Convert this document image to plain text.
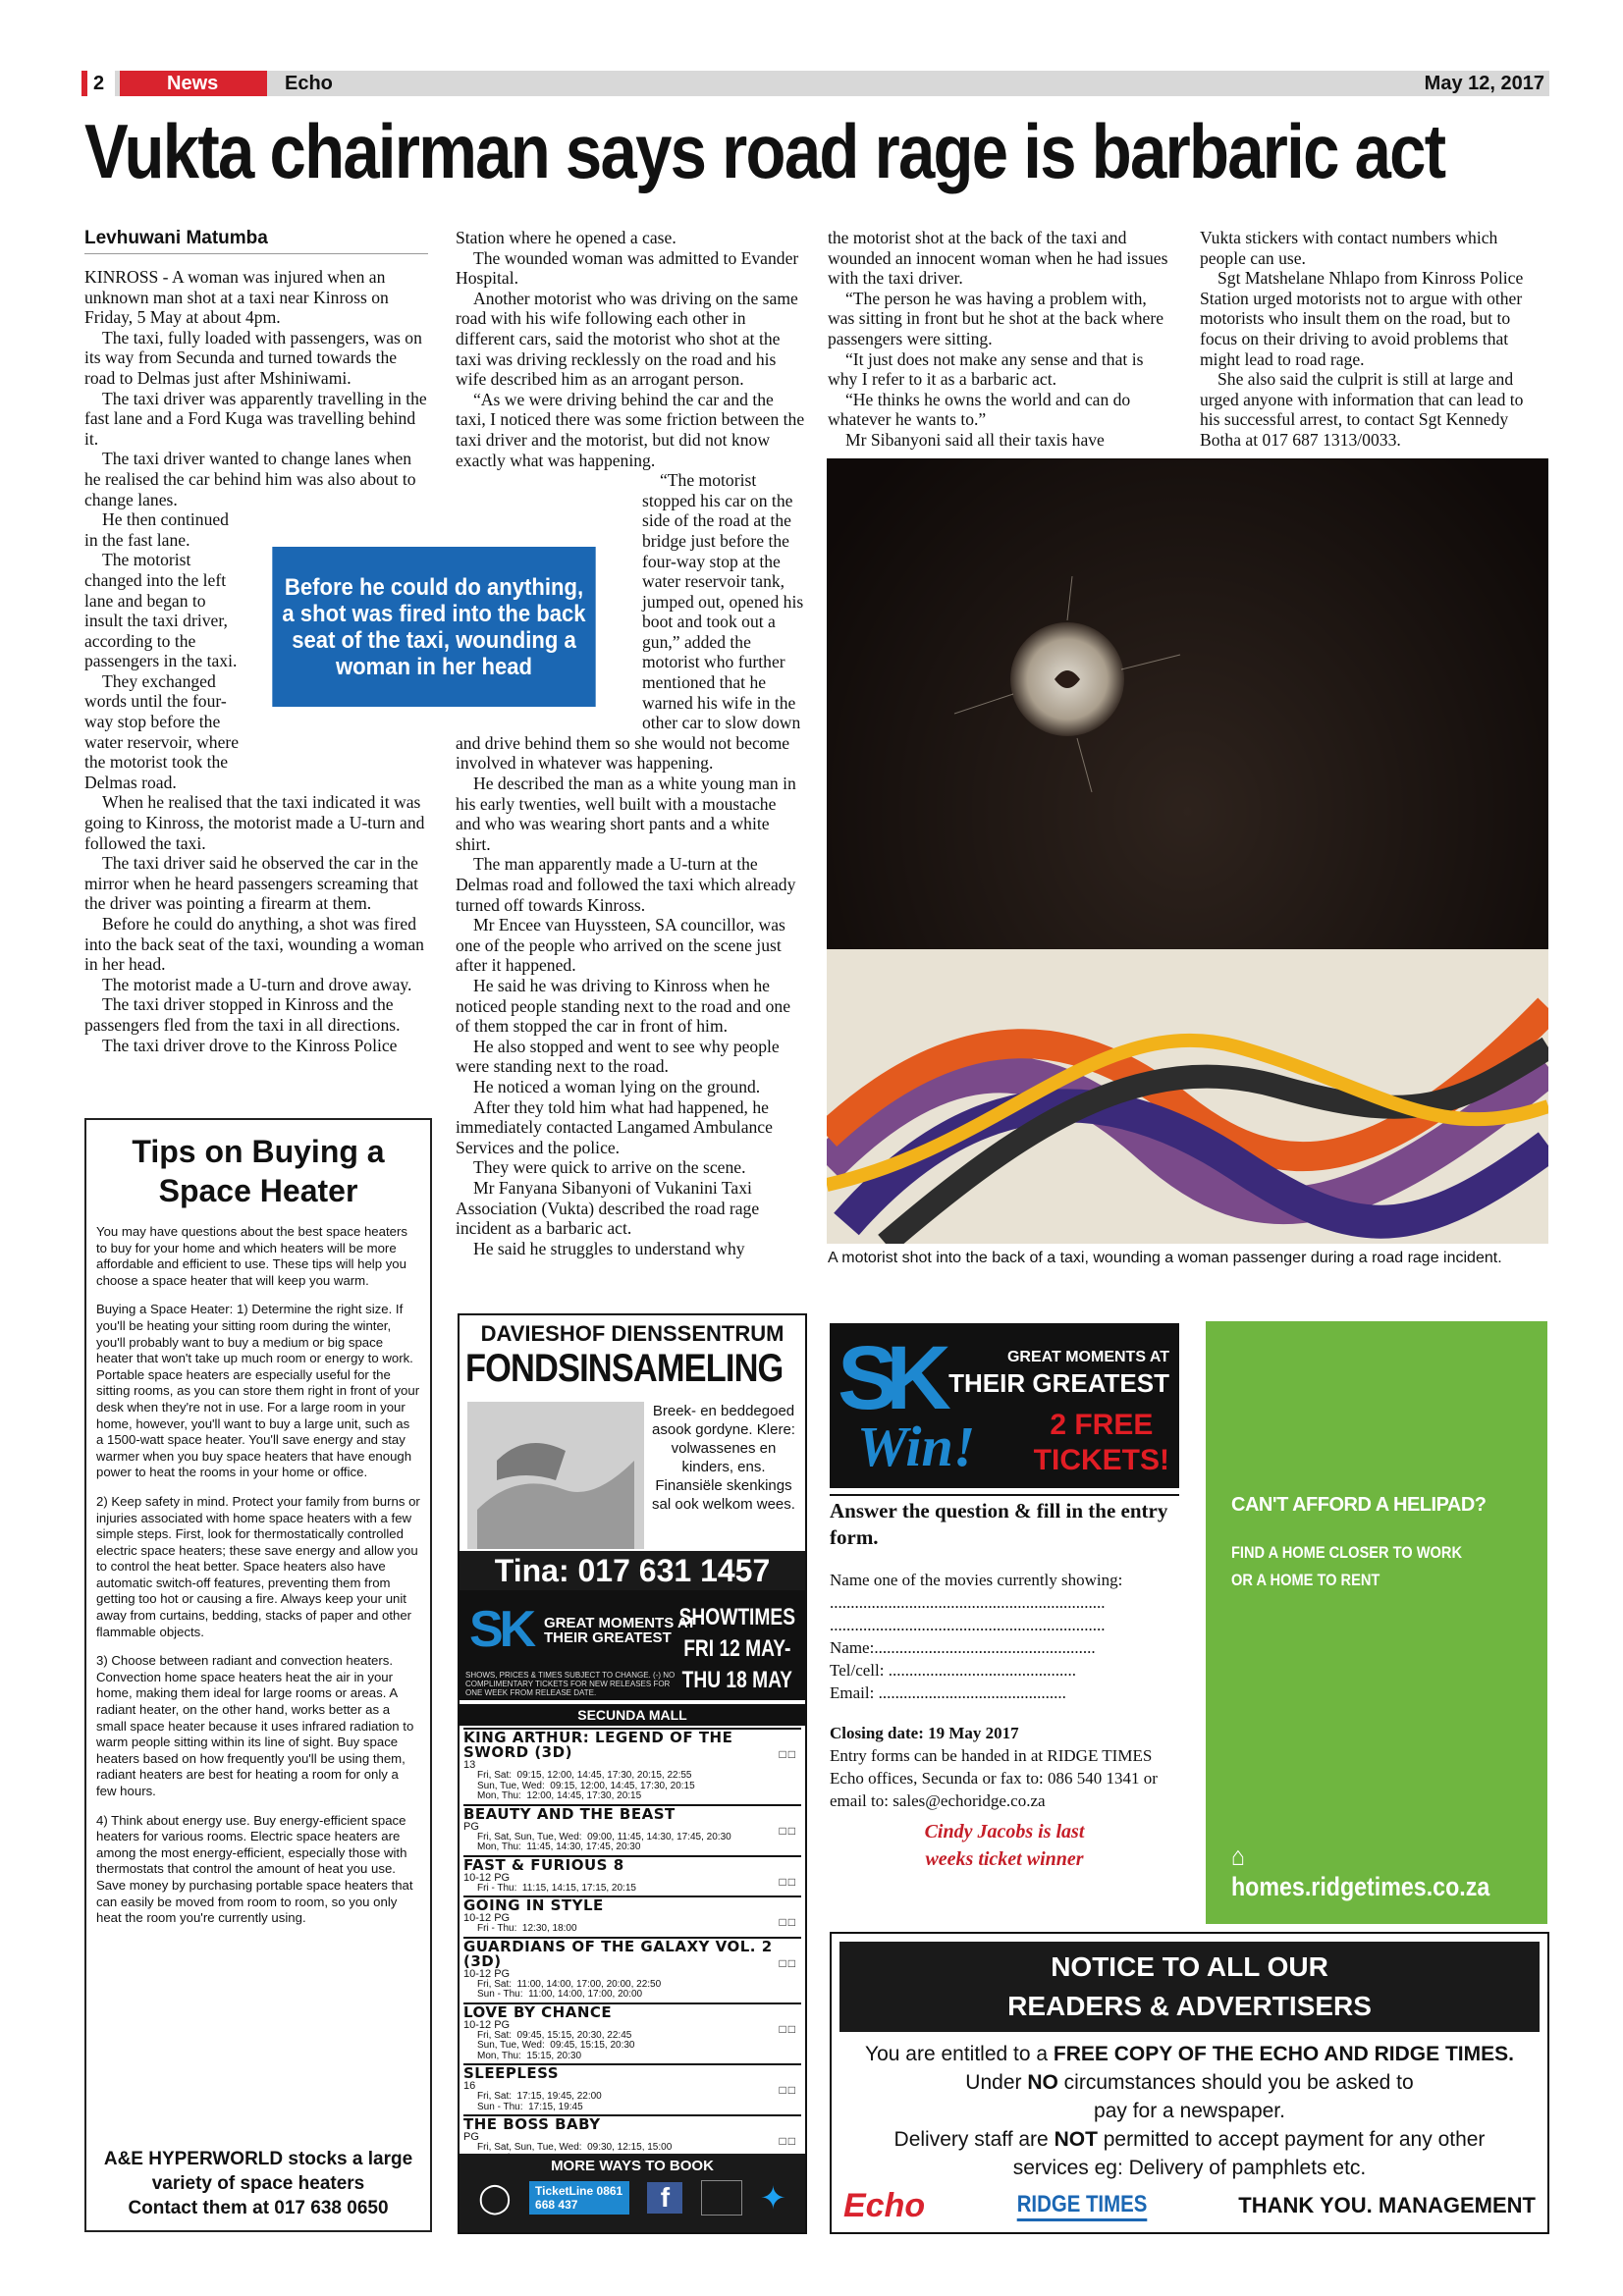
2	News	Echo	May 12, 2017
Vukta chairman says road rage is barbaric act
Levhuwani Matumba

KINROSS - A woman was injured when an unknown man shot at a taxi near Kinross on Friday, 5 May at about 4pm.

The taxi, fully loaded with passengers, was on its way from Secunda and turned towards the road to Delmas just after Mshiniwami.

The taxi driver was apparently travelling in the fast lane and a Ford Kuga was travelling behind it.

The taxi driver wanted to change lanes when he realised the car behind him was also about to change lanes.

He then continued in the fast lane.

The motorist changed into the left lane and began to insult the taxi driver, according to the passengers in the taxi.

They exchanged words until the four-way stop before the water reservoir, where the motorist took the Delmas road.

When he realised that the taxi indicated it was going to Kinross, the motorist made a U-turn and followed the taxi.

The taxi driver said he observed the car in the mirror when he heard passengers screaming that the driver was pointing a firearm at them.

Before he could do anything, a shot was fired into the back seat of the taxi, wounding a woman in her head.

The motorist made a U-turn and drove away.

The taxi driver stopped in Kinross and the passengers fled from the taxi in all directions.

The taxi driver drove to the Kinross Police

Station where he opened a case.

The wounded woman was admitted to Evander Hospital.

Another motorist who was driving on the same road with his wife following each other in different cars, said the motorist who shot at the taxi was driving recklessly on the road and his wife described him as an arrogant person.

“As we were driving behind the car and the taxi, I noticed there was some friction between the taxi driver and the motorist, but did not know exactly what was happening.

“The motorist stopped his car on the side of the road at the bridge just before the four-way stop at the water reservoir tank, jumped out, opened his boot and took out a gun,” added the motorist who further mentioned that he warned his wife in the other car to slow down and drive behind them so she would not become involved in whatever was happening.

He described the man as a white young man in his early twenties, well built with a moustache and who was wearing short pants and a white shirt.

The man apparently made a U-turn at the Delmas road and followed the taxi which already turned off towards Kinross.

Mr Encee van Huyssteen, SA councillor, was one of the people who arrived on the scene just after it happened.

He said he was driving to Kinross when he noticed people standing next to the road and one of them stopped the car in front of him.

He also stopped and went to see why people were standing next to the road.

He noticed a woman lying on the ground.

After they told him what had happened, he immediately contacted Langamed Ambulance Services and the police.

They were quick to arrive on the scene.

Mr Fanyana Sibanyoni of Vukanini Taxi Association (Vukta) described the road rage incident as a barbaric act.

He said he struggles to understand why

the motorist shot at the back of the taxi and wounded an innocent woman when he had issues with the taxi driver.

“The person he was having a problem with, was sitting in front but he shot at the back where passengers were sitting.

“It just does not make any sense and that is why I refer to it as a barbaric act.

“He thinks he owns the world and can do whatever he wants to.”

Mr Sibanyoni said all their taxis have

Vukta stickers with contact numbers which people can use.

Sgt Matshelane Nhlapo from Kinross Police Station urged motorists not to argue with other motorists who insult them on the road, but to focus on their driving to avoid problems that might lead to road rage.

She also said the culprit is still at large and urged anyone with information that can lead to his successful arrest, to contact Sgt Kennedy Botha at 017 687 1313/0033.

Before he could do anything, a shot was fired into the back seat of the taxi, wounding a woman in her head
A motorist shot into the back of a taxi, wounding a woman passenger during a road rage incident.
Tips on Buying a Space Heater

You may have questions about the best space heaters to buy for your home and which heaters will be more affordable and efficient to use. These tips will help you choose a space heater that will keep you warm.

Buying a Space Heater: 1) Determine the right size. If you'll be heating your sitting room during the winter, you'll probably want to buy a medium or big space heater that won't take up much room or energy to work. Portable space heaters are especially useful for the sitting rooms, as you can store them right in front of your desk when they're not in use. For a large room in your home, however, you'll want to buy a large unit, such as a 1500-watt space heater. You'll save energy and stay warmer when you buy space heaters that have enough power to heat the rooms in your home or office.

2) Keep safety in mind. Protect your family from burns or injuries associated with home space heaters with a few simple steps. First, look for thermostatically controlled electric space heaters; these save energy and allow you to control the heat better. Space heaters also have automatic switch-off features, preventing them from getting too hot or causing a fire. Always keep your unit away from curtains, bedding, stacks of paper and other flammable objects.

3) Choose between radiant and convection heaters. Convection home space heaters heat the air in your home, making them ideal for large rooms or areas. A radiant heater, on the other hand, works better as a small space heater because it uses infrared radiation to warm people sitting within its line of sight. Buy space heaters based on how frequently you'll be using them, radiant heaters are best for heating a room for only a few hours.

4) Think about energy use. Buy energy-efficient space heaters for various rooms. Electric space heaters are among the most energy-efficient, especially those with thermostats that control the amount of heat you use. Save money by purchasing portable space heaters that can easily be moved from room to room, so you only heat the room you're currently using.

A&E HYPERWORLD stocks a large
variety of space heaters
Contact them at 017 638 0650
DAVIESHOF DIENSSENTRUM
FONDSINSAMELING
Breek- en beddegoed asook gordyne. Klere: volwassenes en kinders, ens. Finansiële skenkings sal ook welkom wees.
Tina: 017 631 1457
SK GREAT MOMENTS AT
THEIR GREATEST
SHOWTIMES
FRI 12 MAY-
THU 18 MAY
SHOWS, PRICES & TIMES SUBJECT TO CHANGE. (-) NO COMPLIMENTARY TICKETS FOR NEW RELEASES FOR ONE WEEK FROM RELEASE DATE.
SECUNDA MALL
KING ARTHUR: LEGEND OF THE SWORD (3D)
13
Fri, Sat:  09:15, 12:00, 14:45, 17:30, 20:15, 22:55
Sun, Tue, Wed:  09:15, 12:00, 14:45, 17:30, 20:15
Mon, Thu:  12:00, 14:45, 17:30, 20:15
□□
BEAUTY AND THE BEAST
PG
Fri, Sat, Sun, Tue, Wed:  09:00, 11:45, 14:30, 17:45, 20:30
Mon, Thu:  11:45, 14:30, 17:45, 20:30
□□
FAST & FURIOUS 8
10-12 PG
Fri - Thu:  11:15, 14:15, 17:15, 20:15	□□
GOING IN STYLE
10-12 PG
Fri - Thu:  12:30, 18:00	□□
GUARDIANS OF THE GALAXY VOL. 2 (3D)
10-12 PG
Fri, Sat:  11:00, 14:00, 17:00, 20:00, 22:50
Sun - Thu:  11:00, 14:00, 17:00, 20:00
□□
LOVE BY CHANCE
10-12 PG
Fri, Sat:  09:45, 15:15, 20:30, 22:45
Sun, Tue, Wed:  09:45, 15:15, 20:30
Mon, Thu:  15:15, 20:30
□□
SLEEPLESS
16
Fri, Sat:  17:15, 19:45, 22:00
Sun - Thu:  17:15, 19:45
□□
THE BOSS BABY
PG
Fri, Sat, Sun, Tue, Wed:  09:30, 12:15, 15:00
	□□
MORE WAYS TO BOOK
◯	TicketLine 0861 668 437	f	✦
SK
Win!
GREAT MOMENTS AT
THEIR GREATEST
2 FREE
TICKETS!
Answer the question & fill in the entry form.
Name one of the movies currently showing:
..................................................................
..................................................................
Name:.....................................................
Tel/cell: .............................................
Email: .............................................
Closing date: 19 May 2017
Entry forms can be handed in at RIDGE TIMES Echo offices, Secunda or fax to: 086 540 1341 or email to: sales@echoridge.co.za
Cindy Jacobs is last
weeks ticket winner
CAN'T AFFORD A HELIPAD?
FIND A HOME CLOSER TO WORK
OR A HOME TO RENT
⌂ homes.ridgetimes.co.za
NOTICE TO ALL OUR
READERS & ADVERTISERS
You are entitled to a FREE COPY OF THE ECHO AND RIDGE TIMES.
Under NO circumstances should you be asked to
pay for a newspaper.
Delivery staff are NOT permitted to accept payment for any other
services eg: Delivery of pamphlets etc.
Echo	RIDGE TIMES	THANK YOU. MANAGEMENT
